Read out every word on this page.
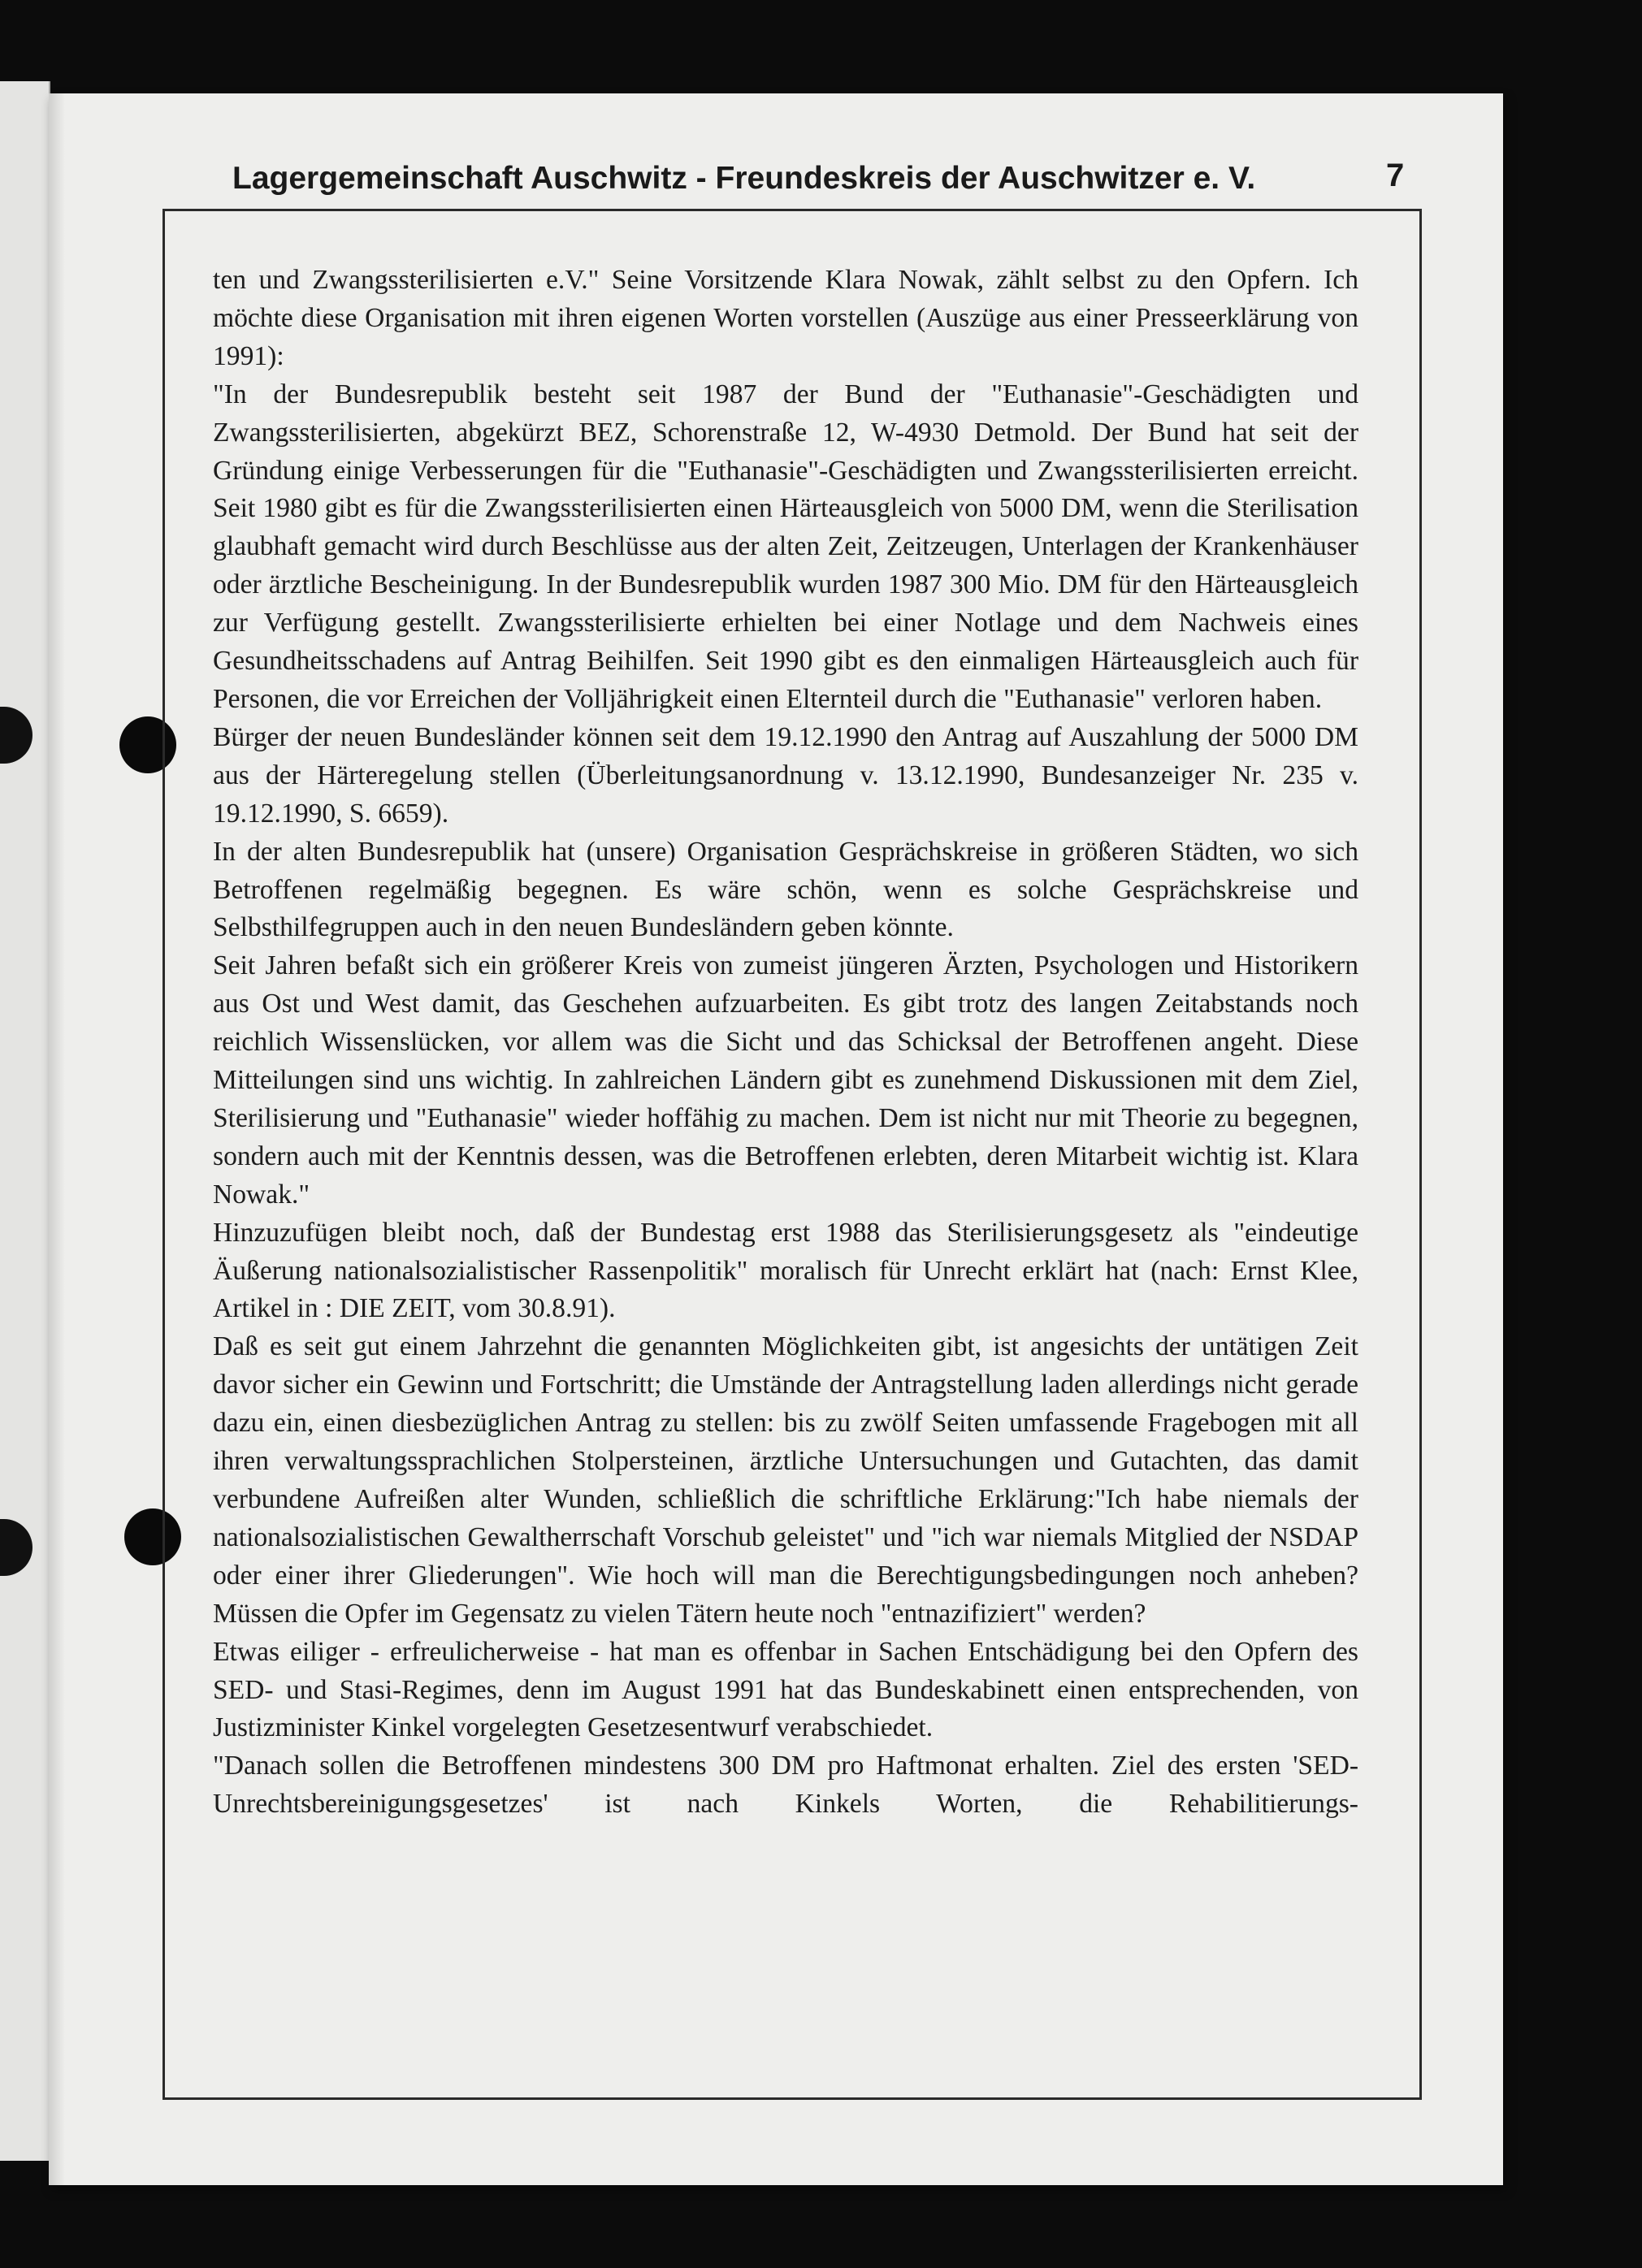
Lagergemeinschaft Auschwitz - Freundeskreis der Auschwitzer e. V.	7

ten und Zwangssterilisierten e.V." Seine Vorsitzende Klara Nowak, zählt selbst zu den Opfern. Ich möchte diese Organisation mit ihren eigenen Worten vorstellen (Auszüge aus einer Presseerklärung von 1991):

"In der Bundesrepublik besteht seit 1987 der Bund der "Euthanasie"-Geschädigten und Zwangssterilisierten, abgekürzt BEZ, Schorenstraße 12, W-4930 Detmold. Der Bund hat seit der Gründung einige Verbesserungen für die "Euthanasie"-Geschädigten und Zwangssterilisierten erreicht. Seit 1980 gibt es für die Zwangssterilisierten einen Härteausgleich von 5000 DM, wenn die Sterilisation glaubhaft gemacht wird durch Beschlüsse aus der alten Zeit, Zeitzeugen, Unterlagen der Krankenhäuser oder ärztliche Bescheinigung. In der Bundesrepublik wurden 1987 300 Mio. DM für den Härteausgleich zur Verfügung gestellt. Zwangssterilisierte erhielten bei einer Notlage und dem Nachweis eines Gesundheitsschadens auf Antrag Beihilfen. Seit 1990 gibt es den einmaligen Härteausgleich auch für Personen, die vor Erreichen der Volljährigkeit einen Elternteil durch die "Euthanasie" verloren haben.

Bürger der neuen Bundesländer können seit dem 19.12.1990 den Antrag auf Auszahlung der 5000 DM aus der Härteregelung stellen (Überleitungsanordnung v. 13.12.1990, Bundesanzeiger Nr. 235 v. 19.12.1990, S. 6659).

In der alten Bundesrepublik hat (unsere) Organisation Gesprächskreise in größeren Städten, wo sich Betroffenen regelmäßig begegnen. Es wäre schön, wenn es solche Gesprächskreise und Selbsthilfegruppen auch in den neuen Bundesländern geben könnte.

Seit Jahren befaßt sich ein größerer Kreis von zumeist jüngeren Ärzten, Psychologen und Historikern aus Ost und West damit, das Geschehen aufzuarbeiten. Es gibt trotz des langen Zeitabstands noch reichlich Wissenslücken, vor allem was die Sicht und das Schicksal der Betroffenen angeht. Diese Mitteilungen sind uns wichtig. In zahlreichen Ländern gibt es zunehmend Diskussionen mit dem Ziel, Sterilisierung und "Euthanasie" wieder hoffähig zu machen. Dem ist nicht nur mit Theorie zu begegnen, sondern auch mit der Kenntnis dessen, was die Betroffenen erlebten, deren Mitarbeit wichtig ist. Klara Nowak."

Hinzuzufügen bleibt noch, daß der Bundestag erst 1988 das Sterilisierungsgesetz als "eindeutige Äußerung nationalsozialistischer Rassenpolitik" moralisch für Unrecht erklärt hat (nach: Ernst Klee, Artikel in : DIE ZEIT, vom 30.8.91).

Daß es seit gut einem Jahrzehnt die genannten Möglichkeiten gibt, ist angesichts der untätigen Zeit davor sicher ein Gewinn und Fortschritt; die Umstände der Antragstellung laden allerdings nicht gerade dazu ein, einen diesbezüglichen Antrag zu stellen: bis zu zwölf Seiten umfassende Fragebogen mit all ihren verwaltungssprachlichen Stolpersteinen, ärztliche Untersuchungen und Gutachten, das damit verbundene Aufreißen alter Wunden, schließlich die schriftliche Erklärung:"Ich habe niemals der nationalsozialistischen Gewaltherrschaft Vorschub geleistet" und "ich war niemals Mitglied der NSDAP oder einer ihrer Gliederungen". Wie hoch will man die Berechtigungsbedingungen noch anheben? Müssen die Opfer im Gegensatz zu vielen Tätern heute noch "entnazifiziert" werden?

Etwas eiliger - erfreulicherweise - hat man es offenbar in Sachen Entschädigung bei den Opfern des SED- und Stasi-Regimes, denn im August 1991 hat das Bundeskabinett einen entsprechenden, von Justizminister Kinkel vorgelegten Gesetzesentwurf verabschiedet.

"Danach sollen die Betroffenen mindestens 300 DM pro Haftmonat erhalten. Ziel des ersten 'SED-Unrechtsbereinigungsgesetzes' ist nach Kinkels Worten, die Rehabilitierungs-
